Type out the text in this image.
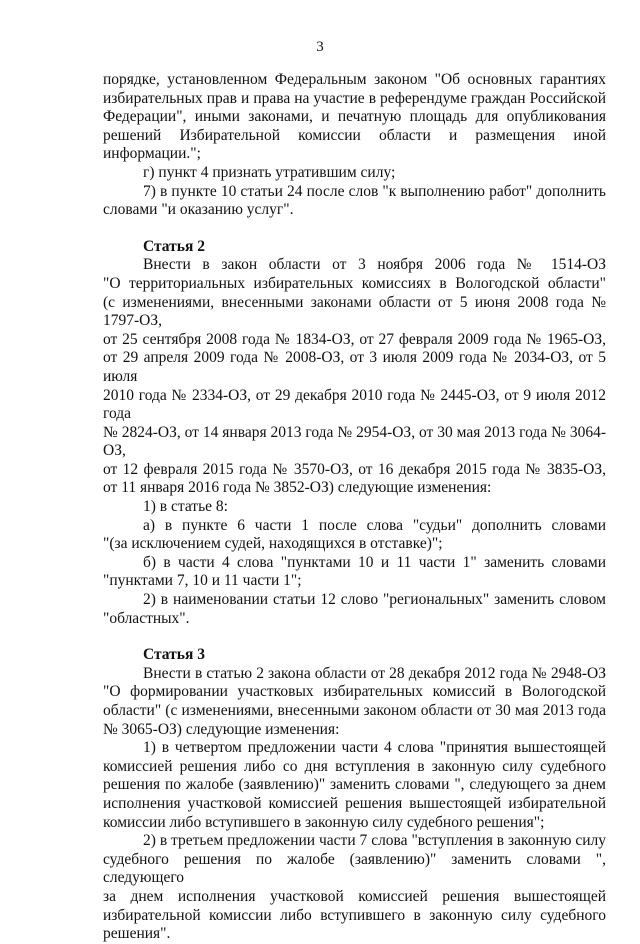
3

порядке, установленном Федеральным законом "Об основных гарантиях

избирательных прав и права на участие в референдуме граждан Российской

Федерации", иными законами, и печатную площадь для опубликования

решений Избирательной комиссии области и размещения иной

информации.";

г) пункт 4 признать утратившим силу;

7) в пункте 10 статьи 24 после слов "к выполнению работ" дополнить

словами "и оказанию услуг".

Статья 2

Внести в закон области от 3 ноября 2006 года № 1514-ОЗ

"О территориальных избирательных комиссиях в Вологодской области"

(с изменениями, внесенными законами области от 5 июня 2008 года № 1797-ОЗ,

от 25 сентября 2008 года № 1834-ОЗ, от 27 февраля 2009 года № 1965-ОЗ,

от 29 апреля 2009 года № 2008-ОЗ, от 3 июля 2009 года № 2034-ОЗ, от 5 июля

2010 года № 2334-ОЗ, от 29 декабря 2010 года № 2445-ОЗ, от 9 июля 2012 года

№ 2824-ОЗ, от 14 января 2013 года № 2954-ОЗ, от 30 мая 2013 года № 3064-ОЗ,

от 12 февраля 2015 года № 3570-ОЗ, от 16 декабря 2015 года № 3835-ОЗ,

от 11 января 2016 года № 3852-ОЗ) следующие изменения:

1) в статье 8:

а) в пункте 6 части 1 после слова "судьи" дополнить словами

"(за исключением судей, находящихся в отставке)";

б) в части 4 слова "пунктами 10 и 11 части 1" заменить словами

"пунктами 7, 10 и 11 части 1";

2) в наименовании статьи 12 слово "региональных" заменить словом

"областных".

Статья 3

Внести в статью 2 закона области от 28 декабря 2012 года № 2948-ОЗ

"О формировании участковых избирательных комиссий в Вологодской

области" (с изменениями, внесенными законом области от 30 мая 2013 года

№ 3065-ОЗ) следующие изменения:

1) в четвертом предложении части 4 слова "принятия вышестоящей

комиссией решения либо со дня вступления в законную силу судебного

решения по жалобе (заявлению)" заменить словами ", следующего за днем

исполнения участковой комиссией решения вышестоящей избирательной

комиссии либо вступившего в законную силу судебного решения";

2) в третьем предложении части 7 слова "вступления в законную силу

судебного решения по жалобе (заявлению)" заменить словами ", следующего

за днем исполнения участковой комиссией решения вышестоящей

избирательной комиссии либо вступившего в законную силу судебного

решения".
